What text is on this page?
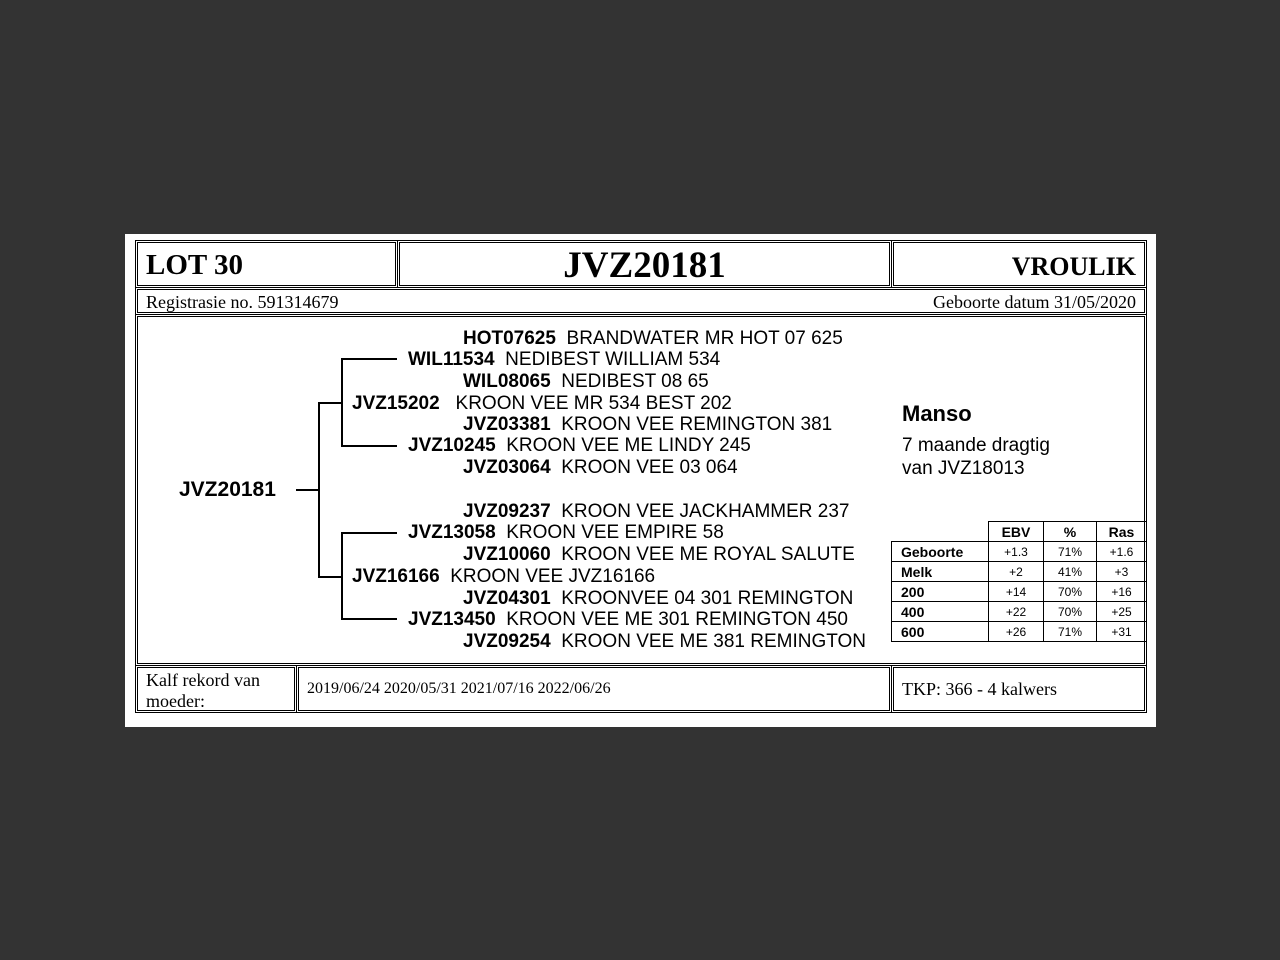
LOT 30	JVZ20181	VROULIK
Registrasie no. 591314679	Geboorte datum 31/05/2020
JVZ20181
HOT07625 BRANDWATER MR HOT 07 625
WIL11534 NEDIBEST WILLIAM 534
WIL08065 NEDIBEST 08 65
JVZ15202 KROON VEE MR 534 BEST 202
JVZ03381 KROON VEE REMINGTON 381
JVZ10245 KROON VEE ME LINDY 245
JVZ03064 KROON VEE 03 064
JVZ09237 KROON VEE JACKHAMMER 237
JVZ13058 KROON VEE EMPIRE 58
JVZ10060 KROON VEE ME ROYAL SALUTE
JVZ16166 KROON VEE JVZ16166
JVZ04301 KROONVEE 04 301 REMINGTON
JVZ13450 KROON VEE ME 301 REMINGTON 450
JVZ09254 KROON VEE ME 381 REMINGTON
Manso
7 maande dragtig
van JVZ18013
	EBV	%	Ras
Geboorte	+1.3	71%	+1.6
Melk	+2	41%	+3
200	+14	70%	+16
400	+22	70%	+25
600	+26	71%	+31
Kalf rekord van moeder:
2019/06/24 2020/05/31 2021/07/16 2022/06/26	TKP: 366 - 4 kalwers
